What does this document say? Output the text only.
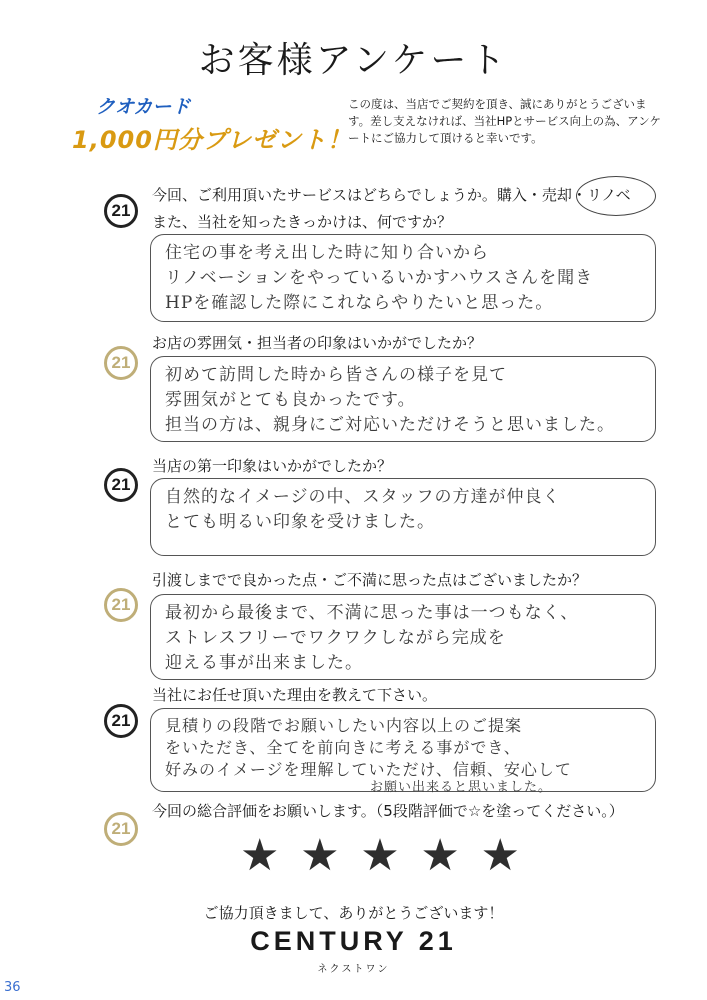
お客様アンケート
クオカード
1,000円分プレゼント！
この度は、当店でご契約を頂き、誠にありがとうございます。差し支えなければ、当社HPとサービス向上の為、アンケートにご協力して頂けると幸いです。
21
今回、ご利用頂いたサービスはどちらでしょうか。購入・売却・リノベ
また、当社を知ったきっかけは、何ですか？
住宅の事を考え出した時に知り合いから
リノベーションをやっているいかすハウスさんを聞き
HPを確認した際にこれならやりたいと思った。
21
お店の雰囲気・担当者の印象はいかがでしたか？
初めて訪問した時から皆さんの様子を見て
雰囲気がとても良かったです。
担当の方は、親身にご対応いただけそうと思いました。
21
当店の第一印象はいかがでしたか？
自然的なイメージの中、スタッフの方達が仲良く
とても明るい印象を受けました。
21
引渡しまでで良かった点・ご不満に思った点はございましたか？
最初から最後まで、不満に思った事は一つもなく、
ストレスフリーでワクワクしながら完成を
迎える事が出来ました。
21
当社にお任せ頂いた理由を教えて下さい。
見積りの段階でお願いしたい内容以上のご提案
をいただき、全てを前向きに考える事ができ、
好みのイメージを理解していただけ、信頼、安心して
お願い出来ると思いました。
21
今回の総合評価をお願いします。（5段階評価で☆を塗ってください。）
★ ★ ★ ★ ★
ご協力頂きまして、ありがとうございます！
CENTURY 21
ネクストワン
36
